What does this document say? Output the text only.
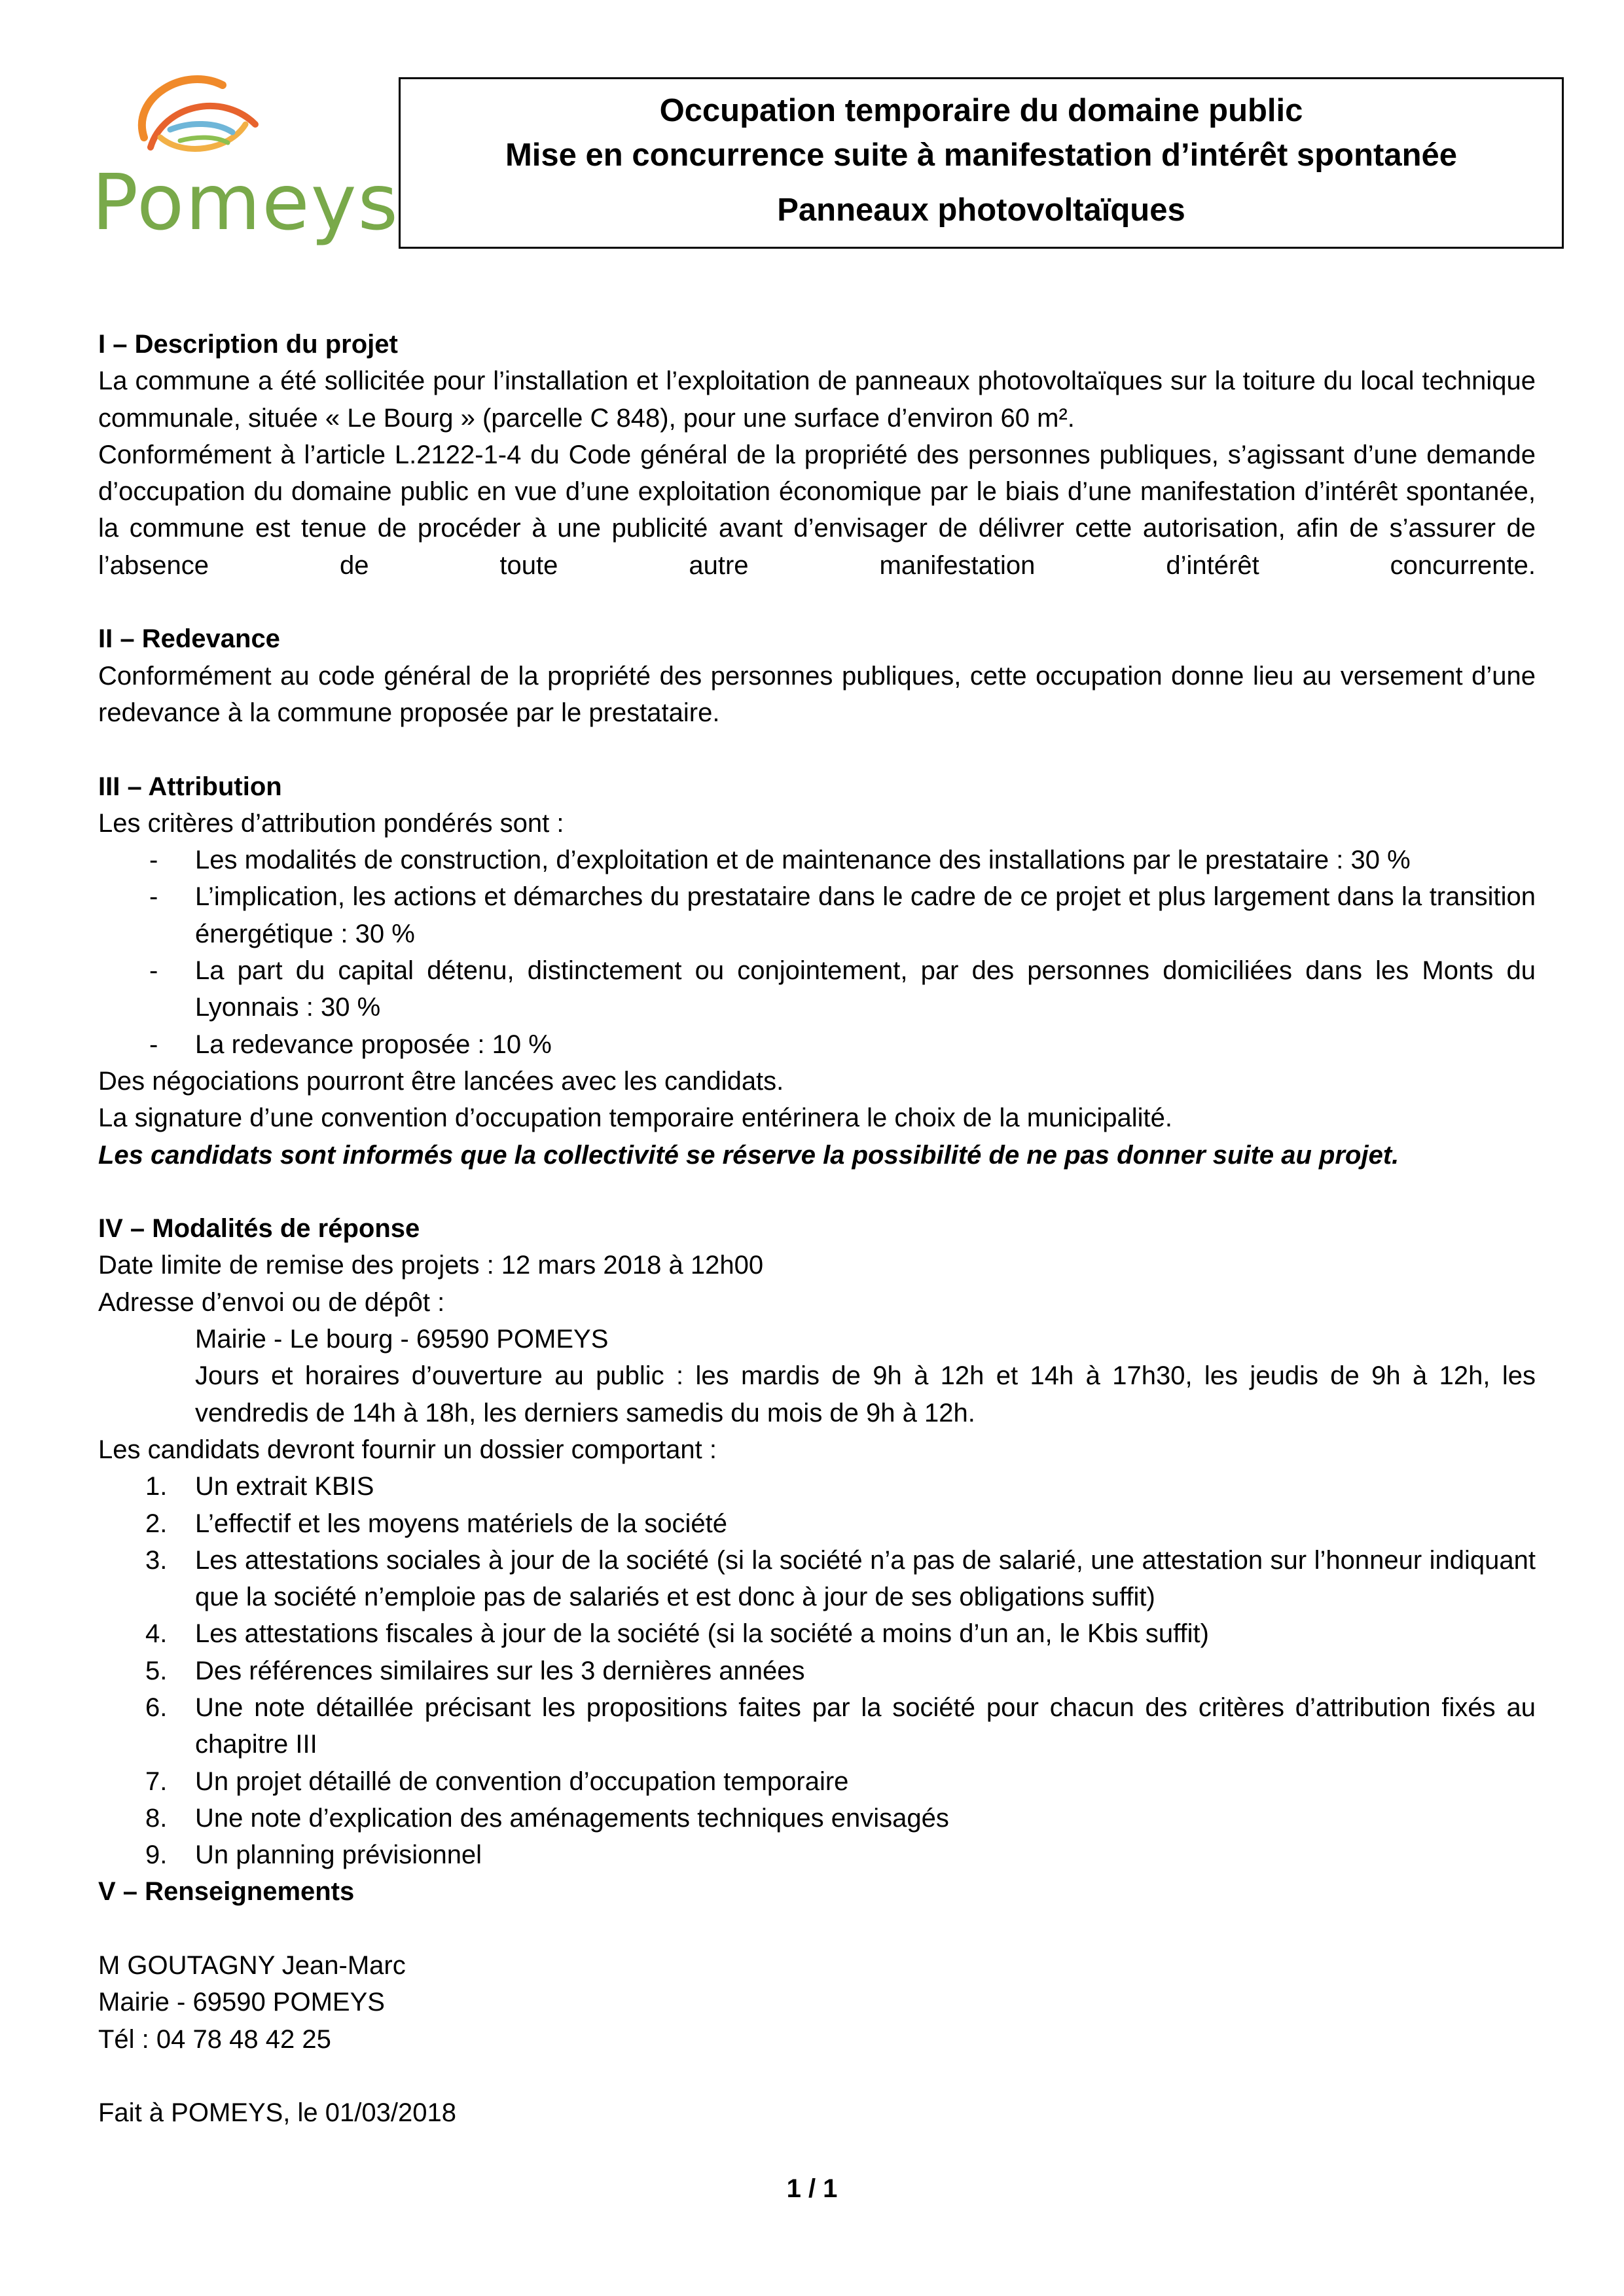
Pomeys
Occupation temporaire du domaine public
Mise en concurrence suite à manifestation d’intérêt spontanée
Panneaux photovoltaïques
I – Description du projet

La commune a été sollicitée pour l’installation et l’exploitation de panneaux photovoltaïques sur la toiture du local technique communale, située « Le Bourg » (parcelle C 848), pour une surface d’environ 60 m².

Conformément à l’article L.2122-1-4 du Code général de la propriété des personnes publiques, s’agissant d’une demande d’occupation du domaine public en vue d’une exploitation économique par le biais d’une manifestation d’intérêt spontanée, la commune est tenue de procéder à une publicité avant d’envisager de délivrer cette autorisation, afin de s’assurer de l’absence de toute autre manifestation d’intérêt concurrente.

II – Redevance

Conformément au code général de la propriété des personnes publiques, cette occupation donne lieu au versement d’une redevance à la commune proposée par le prestataire.

III – Attribution

Les critères d’attribution pondérés sont :

- Les modalités de construction, d’exploitation et de maintenance des installations par le prestataire : 30 %
- L’implication, les actions et démarches du prestataire dans le cadre de ce projet et plus largement dans la transition énergétique : 30 %
- La part du capital détenu, distinctement ou conjointement, par des personnes domiciliées dans les Monts du Lyonnais : 30 %
- La redevance proposée : 10 %

Des négociations pourront être lancées avec les candidats.

La signature d’une convention d’occupation temporaire entérinera le choix de la municipalité.

Les candidats sont informés que la collectivité se réserve la possibilité de ne pas donner suite au projet.

IV – Modalités de réponse

Date limite de remise des projets : 12 mars 2018 à 12h00

Adresse d’envoi ou de dépôt :

Mairie - Le bourg - 69590 POMEYS

Jours et horaires d’ouverture au public : les mardis de 9h à 12h et 14h à 17h30, les jeudis de 9h à 12h, les vendredis de 14h à 18h, les derniers samedis du mois de 9h à 12h.

Les candidats devront fournir un dossier comportant :

1. Un extrait KBIS
2. L’effectif et les moyens matériels de la société
3. Les attestations sociales à jour de la société (si la société n’a pas de salarié, une attestation sur l’honneur indiquant que la société n’emploie pas de salariés et est donc à jour de ses obligations suffit)
4. Les attestations fiscales à jour de la société (si la société a moins d’un an, le Kbis suffit)
5. Des références similaires sur les 3 dernières années
6. Une note détaillée précisant les propositions faites par la société pour chacun des critères d’attribution fixés au chapitre III
7. Un projet détaillé de convention d’occupation temporaire
8. Une note d’explication des aménagements techniques envisagés
9. Un planning prévisionnel
V – Renseignements

M GOUTAGNY Jean-Marc

Mairie - 69590 POMEYS

Tél : 04 78 48 42 25

Fait à POMEYS, le 01/03/2018

1 / 1
